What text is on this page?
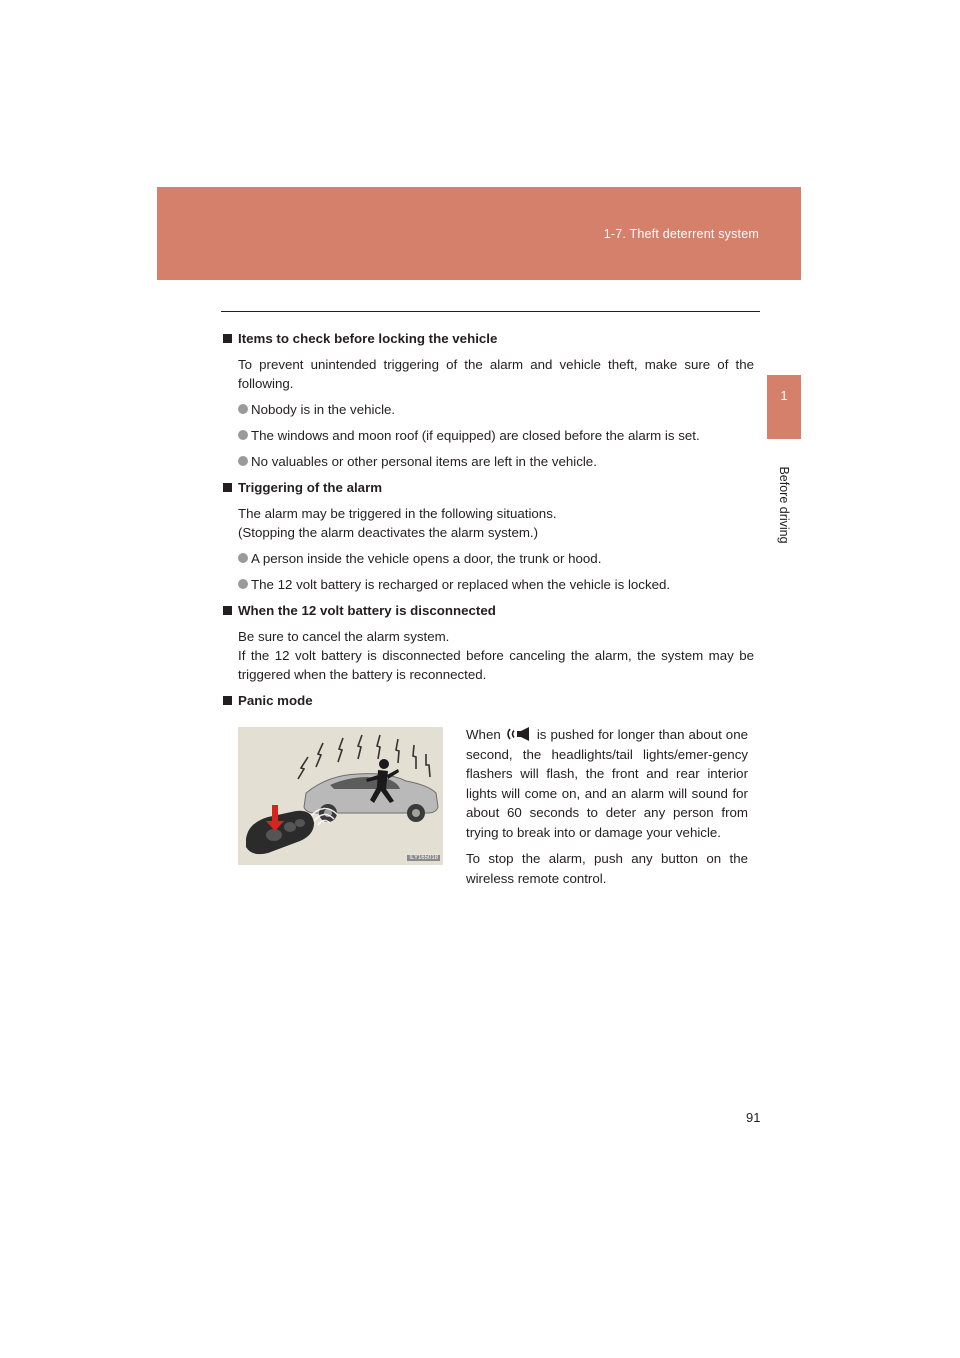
1-7. Theft deterrent system
1
Before driving
Items to check before locking the vehicle
To prevent unintended triggering of the alarm and vehicle theft, make sure of the following.
Nobody is in the vehicle.
The windows and moon roof (if equipped) are closed before the alarm is set.
No valuables or other personal items are left in the vehicle.
Triggering of the alarm
The alarm may be triggered in the following situations.
(Stopping the alarm deactivates the alarm system.)
A person inside the vehicle opens a door, the trunk or hood.
The 12 volt battery is recharged or replaced when the vehicle is locked.
When the 12 volt battery is disconnected
Be sure to cancel the alarm system.
If the 12 volt battery is disconnected before canceling the alarm, the system may be triggered when the battery is reconnected.
Panic mode
ILY165018

When	is pushed for longer than about one second, the headlights/tail lights/emer-gency flashers will flash, the front and rear interior lights will come on, and an alarm will sound for about 60 seconds to deter any person from trying to break into or damage your vehicle.

To stop the alarm, push any button on the wireless remote control.

91
